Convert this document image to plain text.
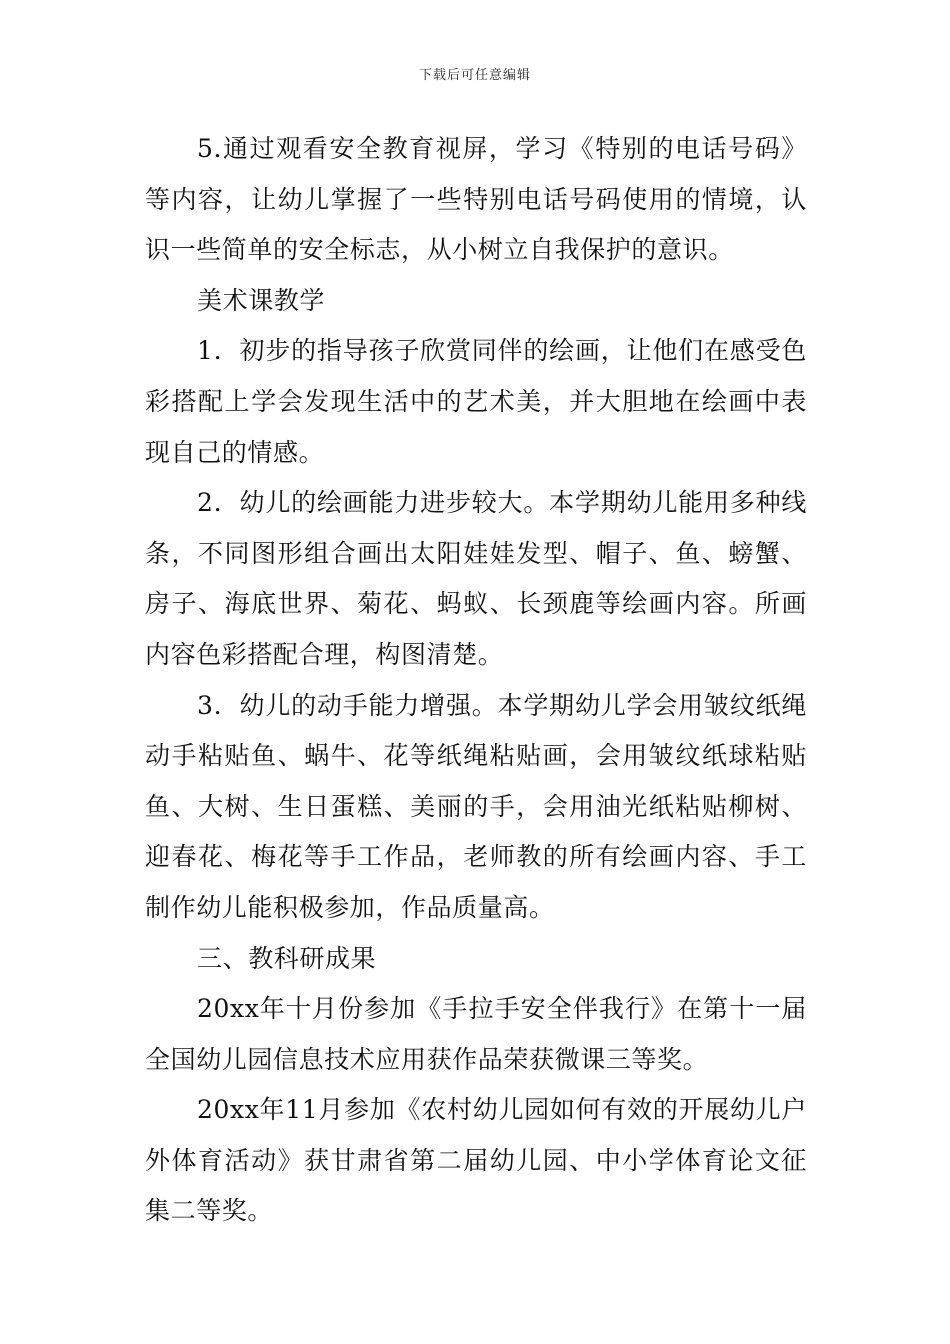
下载后可任意编辑

5.通过观看安全教育视屏，学习《特别的电话号码》等内容，让幼儿掌握了一些特别电话号码使用的情境，认识一些简单的安全标志，从小树立自我保护的意识。

美术课教学

1．初步的指导孩子欣赏同伴的绘画，让他们在感受色彩搭配上学会发现生活中的艺术美，并大胆地在绘画中表现自己的情感。

2．幼儿的绘画能力进步较大。本学期幼儿能用多种线条，不同图形组合画出太阳娃娃发型、帽子、鱼、螃蟹、房子、海底世界、菊花、蚂蚁、长颈鹿等绘画内容。所画内容色彩搭配合理，构图清楚。

3．幼儿的动手能力增强。本学期幼儿学会用皱纹纸绳动手粘贴鱼、蜗牛、花等纸绳粘贴画，会用皱纹纸球粘贴鱼、大树、生日蛋糕、美丽的手，会用油光纸粘贴柳树、迎春花、梅花等手工作品，老师教的所有绘画内容、手工制作幼儿能积极参加，作品质量高。

三、教科研成果

20xx年十月份参加《手拉手安全伴我行》在第十一届全国幼儿园信息技术应用获作品荣获微课三等奖。

20xx年11月参加《农村幼儿园如何有效的开展幼儿户外体育活动》获甘肃省第二届幼儿园、中小学体育论文征集二等奖。
